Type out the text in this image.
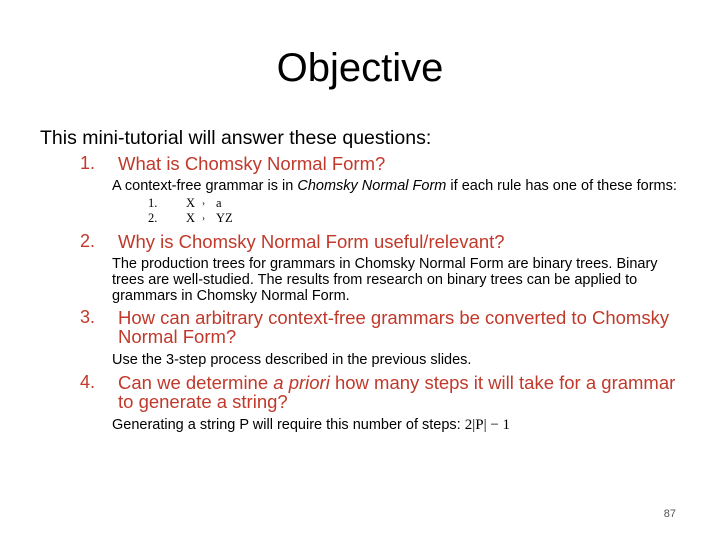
Objective

This mini-tutorial will answer these questions:

1. What is Chomsky Normal Form?
A context-free grammar is in Chomsky Normal Form if each rule has one of these forms:
1.	X › a
2.	X › YZ
2. Why is Chomsky Normal Form useful/relevant?
The production trees for grammars in Chomsky Normal Form are binary trees. Binary trees are well-studied. The results from research on binary trees can be applied to grammars in Chomsky Normal Form.
3. How can arbitrary context-free grammars be converted to Chomsky Normal Form?
Use the 3-step process described in the previous slides.
4. Can we determine a priori how many steps it will take for a grammar to generate a string?
Generating a string P will require this number of steps: 2|P| − 1
87
